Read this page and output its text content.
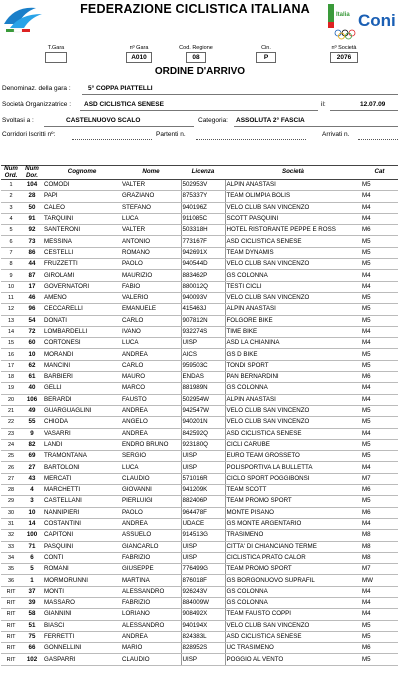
FEDERAZIONE CICLISTICA ITALIANA	Italia Coni
T.Gara	nº Gara
A010
Cod. Regione
08
Cin.
P
nº Società
2076
ORDINE D'ARRIVO
Denominaz. della gara :	5° COPPA PIATTELLI
Società Organizzatrice : ASD CICLISTICA SENESE	il:	12.07.09
Svoltasi a :	CASTELNUOVO SCALO	Categoria: ASSOLUTA 2° FASCIA
Corridori Iscritti nº:	Partenti n.	Arrivati n.
Num Ord.	Num Dor.	Cognome	Nome	Licenza	Società	Cat
1	104	COMODI	VALTER	502953V	ALPIN ANASTASI	M5
2	28	PAPI	GRAZIANO	875337Y	TEAM OLIMPIA BOLIS	M4
3	50	CALEO	STEFANO	940196Z	VELO CLUB SAN VINCENZO	M4
4	91	TARQUINI	LUCA	911085C	SCOTT PASQUINI	M4
5	92	SANTERONI	VALTER	503318H	HOTEL RISTORANTE PEPPE E ROSS	M6
6	73	MESSINA	ANTONIO	773167F	ASD CICLISTICA SENESE	M5
7	86	CESTELLI	ROMANO	942691X	TEAM DYNAMIS	M5
8	44	FRUZZETTI	PAOLO	940544D	VELO CLUB SAN VINCENZO	M5
9	87	GIROLAMI	MAURIZIO	883462P	GS COLONNA	M4
10	17	GOVERNATORI	FABIO	880012Q	TESTI CICLI	M4
11	46	AMENO	VALERIO	940093V	VELO CLUB SAN VINCENZO	M5
12	96	CECCARELLI	EMANUELE	415463J	ALPIN ANASTASI	M5
13	54	DONATI	CARLO	907812N	FOLGORE BIKE	M5
14	72	LOMBARDELLI	IVANO	932274S	TIME BIKE	M4
15	60	CORTONESI	LUCA	UISP	ASD LA CHIANINA	M4
16	10	MORANDI	ANDREA	AICS	GS D BIKE	M5
17	62	MANCINI	CARLO	959503C	TONDI SPORT	M5
18	61	BARBIERI	MAURO	ENDAS	PAN BERNARDINI	M6
19	40	GELLI	MARCO	881989N	GS COLONNA	M4
20	106	BERARDI	FAUSTO	502954W	ALPIN ANASTASI	M4
21	49	GUARGUAGLINI	ANDREA	942547W	VELO CLUB SAN VINCENZO	M5
22	55	CHIODA	ANGELO	940201N	VELO CLUB SAN VINCENZO	M5
23	9	VASARRI	ANDREA	842592Q	ASD CICLISTICA SENESE	M4
24	82	LANDI	ENDRO BRUNO	923180Q	CICLI CARUBE	M5
25	69	TRAMONTANA	SERGIO	UISP	EURO TEAM GROSSETO	M5
26	27	BARTOLONI	LUCA	UISP	POLISPORTIVA LA BULLETTA	M4
27	43	MERCATI	CLAUDIO	571016R	CICLO SPORT POGGIBONSI	M7
28	4	MARCHETTI	GIOVANNI	941209K	TEAM SCOTT	M6
29	3	CASTELLANI	PIERLUIGI	882406P	TEAM PROMO SPORT	M5
30	10	NANNIPIERI	PAOLO	964478F	MONTE PISANO	M6
31	14	COSTANTINI	ANDREA	UDACE	GS MONTE ARGENTARIO	M4
32	100	CAPITONI	ASSUELO	914513G	TRASIMENO	M8
33	71	PASQUINI	GIANCARLO	UISP	CITTA' DI CHIANCIANO TERME	M8
34	6	CONTI	FABRIZIO	UISP	CICLISTICA PRATO CALOR	M8
35	5	ROMANI	GIUSEPPE	776499G	TEAM PROMO SPORT	M7
36	1	MORMORUNNI	MARTINA	876018F	GS BORGONUOVO SUPRAFIL	MW
RIT	37	MONTI	ALESSANDRO	926243V	GS COLONNA	M4
RIT	39	MASSARO	FABRIZIO	884009W	GS COLONNA	M4
RIT	58	GIANNINI	LORIANO	908492X	TEAM FAUSTO COPPI	M4
RIT	51	BIASCI	ALESSANDRO	940194X	VELO CLUB SAN VINCENZO	M5
RIT	75	FERRETTI	ANDREA	824383L	ASD CICLISTICA SENESE	M5
RIT	66	GONNELLINI	MARIO	828952S	UC TRASIMENO	M6
RIT	102	GASPARRI	CLAUDIO	UISP	POGGIO AL VENTO	M5
